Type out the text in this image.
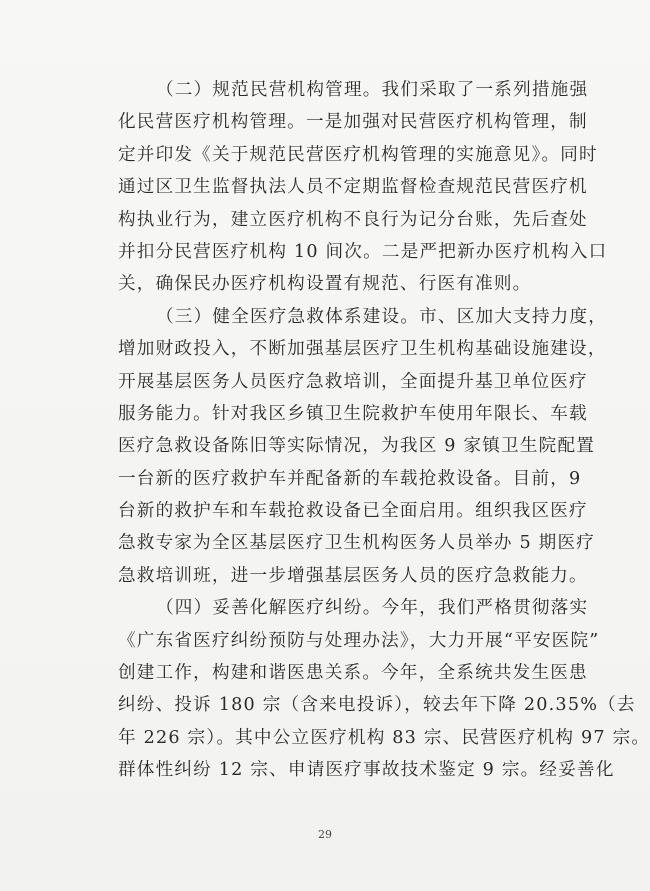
（二）规范民营机构管理。我们采取了一系列措施强
化民营医疗机构管理。一是加强对民营医疗机构管理，制
定并印发《关于规范民营医疗机构管理的实施意见》。同时
通过区卫生监督执法人员不定期监督检查规范民营医疗机
构执业行为，建立医疗机构不良行为记分台账，先后查处
并扣分民营医疗机构 10 间次。二是严把新办医疗机构入口
关，确保民办医疗机构设置有规范、行医有准则。
（三）健全医疗急救体系建设。市、区加大支持力度，
增加财政投入，不断加强基层医疗卫生机构基础设施建设，
开展基层医务人员医疗急救培训，全面提升基卫单位医疗
服务能力。针对我区乡镇卫生院救护车使用年限长、车载
医疗急救设备陈旧等实际情况，为我区 9 家镇卫生院配置
一台新的医疗救护车并配备新的车载抢救设备。目前，9
台新的救护车和车载抢救设备已全面启用。组织我区医疗
急救专家为全区基层医疗卫生机构医务人员举办 5 期医疗
急救培训班，进一步增强基层医务人员的医疗急救能力。
（四）妥善化解医疗纠纷。今年，我们严格贯彻落实
《广东省医疗纠纷预防与处理办法》，大力开展“平安医院”
创建工作，构建和谐医患关系。今年，全系统共发生医患
纠纷、投诉 180 宗（含来电投诉），较去年下降 20.35%（去
年 226 宗）。其中公立医疗机构 83 宗、民营医疗机构 97 宗。
群体性纠纷 12 宗、申请医疗事故技术鉴定 9 宗。经妥善化
29
